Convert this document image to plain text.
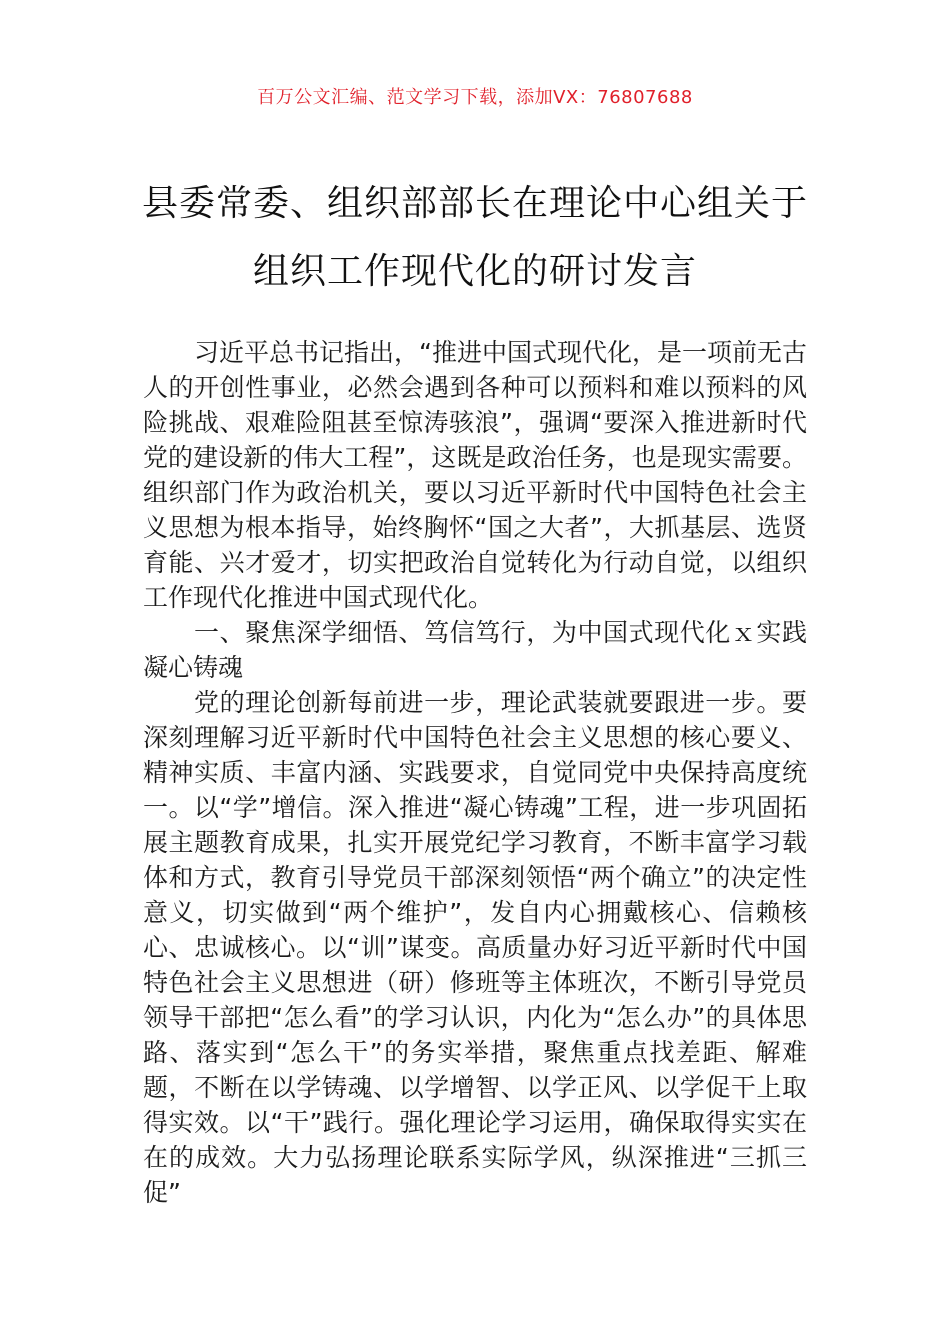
百万公文汇编、范文学习下载，添加VX：76807688
县委常委、组织部部长在理论中心组关于
组织工作现代化的研讨发言

习近平总书记指出，“推进中国式现代化，是一项前无古人的开创性事业，必然会遇到各种可以预料和难以预料的风险挑战、艰难险阻甚至惊涛骇浪”，强调“要深入推进新时代党的建设新的伟大工程”，这既是政治任务，也是现实需要。组织部门作为政治机关，要以习近平新时代中国特色社会主义思想为根本指导，始终胸怀“国之大者”，大抓基层、选贤育能、兴才爱才，切实把政治自觉转化为行动自觉，以组织工作现代化推进中国式现代化。

一、聚焦深学细悟、笃信笃行，为中国式现代化ｘ实践凝心铸魂

党的理论创新每前进一步，理论武装就要跟进一步。要深刻理解习近平新时代中国特色社会主义思想的核心要义、精神实质、丰富内涵、实践要求，自觉同党中央保持高度统一。以“学”增信。深入推进“凝心铸魂”工程，进一步巩固拓展主题教育成果，扎实开展党纪学习教育，不断丰富学习载体和方式，教育引导党员干部深刻领悟“两个确立”的决定性意义，切实做到“两个维护”，发自内心拥戴核心、信赖核心、忠诚核心。以“训”谋变。高质量办好习近平新时代中国特色社会主义思想进（研）修班等主体班次，不断引导党员领导干部把“怎么看”的学习认识，内化为“怎么办”的具体思路、落实到“怎么干”的务实举措，聚焦重点找差距、解难题，不断在以学铸魂、以学增智、以学正风、以学促干上取得实效。以“干”践行。强化理论学习运用，确保取得实实在在的成效。大力弘扬理论联系实际学风，纵深推进“三抓三促”
